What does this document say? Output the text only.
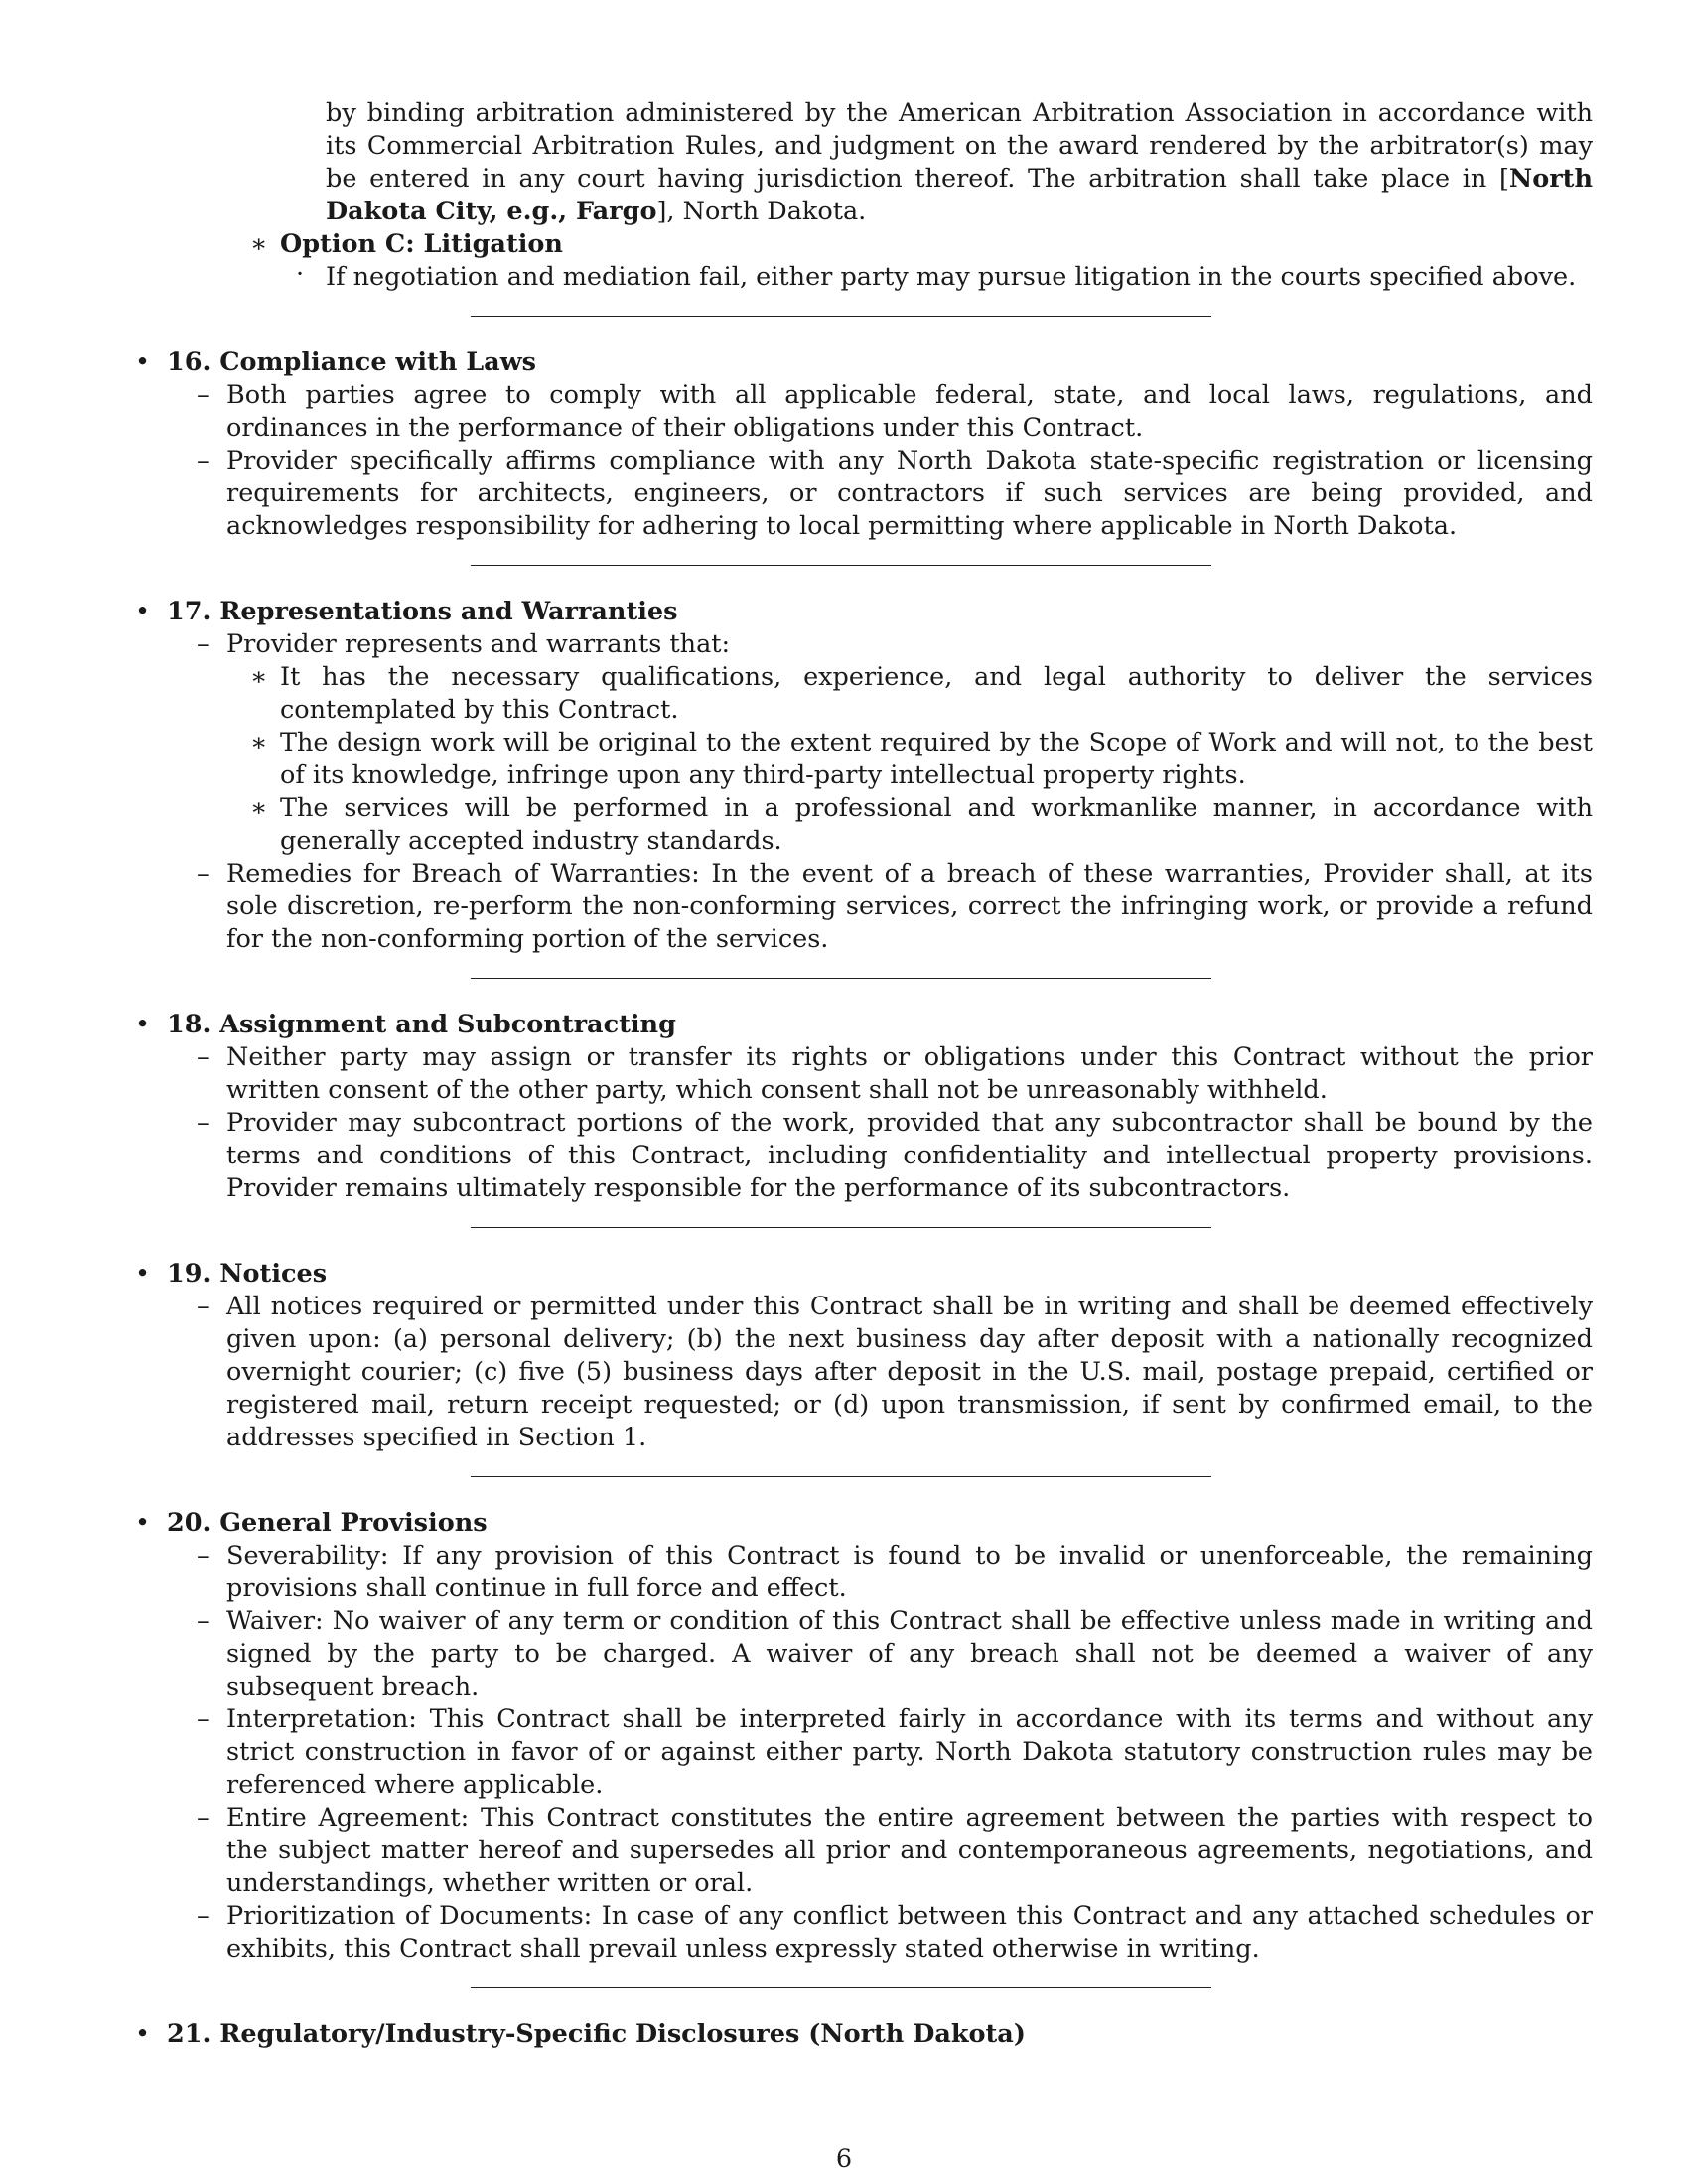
by binding arbitration administered by the American Arbitration Association in accordance with its Commercial Arbitration Rules, and judgment on the award rendered by the arbitrator(s) may be entered in any court having jurisdiction thereof. The arbitration shall take place in [North Dakota City, e.g., Fargo], North Dakota.
∗ Option C: Litigation
· If negotiation and mediation fail, either party may pursue litigation in the courts specified above.
• 16. Compliance with Laws
– Both parties agree to comply with all applicable federal, state, and local laws, regulations, and ordinances in the performance of their obligations under this Contract.
– Provider specifically affirms compliance with any North Dakota state-specific registration or licensing requirements for architects, engineers, or contractors if such services are being provided, and acknowledges responsibility for adhering to local permitting where applicable in North Dakota.
• 17. Representations and Warranties
– Provider represents and warrants that:
∗ It has the necessary qualifications, experience, and legal authority to deliver the services contemplated by this Contract.
∗ The design work will be original to the extent required by the Scope of Work and will not, to the best of its knowledge, infringe upon any third-party intellectual property rights.
∗ The services will be performed in a professional and workmanlike manner, in accordance with generally accepted industry standards.
– Remedies for Breach of Warranties: In the event of a breach of these warranties, Provider shall, at its sole discretion, re-perform the non-conforming services, correct the infringing work, or provide a refund for the non-conforming portion of the services.
• 18. Assignment and Subcontracting
– Neither party may assign or transfer its rights or obligations under this Contract without the prior written consent of the other party, which consent shall not be unreasonably withheld.
– Provider may subcontract portions of the work, provided that any subcontractor shall be bound by the terms and conditions of this Contract, including confidentiality and intellectual property provisions. Provider remains ultimately responsible for the performance of its subcontractors.
• 19. Notices
– All notices required or permitted under this Contract shall be in writing and shall be deemed effectively given upon: (a) personal delivery; (b) the next business day after deposit with a nationally recognized overnight courier; (c) five (5) business days after deposit in the U.S. mail, postage prepaid, certified or registered mail, return receipt requested; or (d) upon transmission, if sent by confirmed email, to the addresses specified in Section 1.
• 20. General Provisions
– Severability: If any provision of this Contract is found to be invalid or unenforceable, the remaining provisions shall continue in full force and effect.
– Waiver: No waiver of any term or condition of this Contract shall be effective unless made in writing and signed by the party to be charged. A waiver of any breach shall not be deemed a waiver of any subsequent breach.
– Interpretation: This Contract shall be interpreted fairly in accordance with its terms and without any strict construction in favor of or against either party. North Dakota statutory construction rules may be referenced where applicable.
– Entire Agreement: This Contract constitutes the entire agreement between the parties with respect to the subject matter hereof and supersedes all prior and contemporaneous agreements, negotiations, and understandings, whether written or oral.
– Prioritization of Documents: In case of any conflict between this Contract and any attached schedules or exhibits, this Contract shall prevail unless expressly stated otherwise in writing.
• 21. Regulatory/Industry-Specific Disclosures (North Dakota)
6
